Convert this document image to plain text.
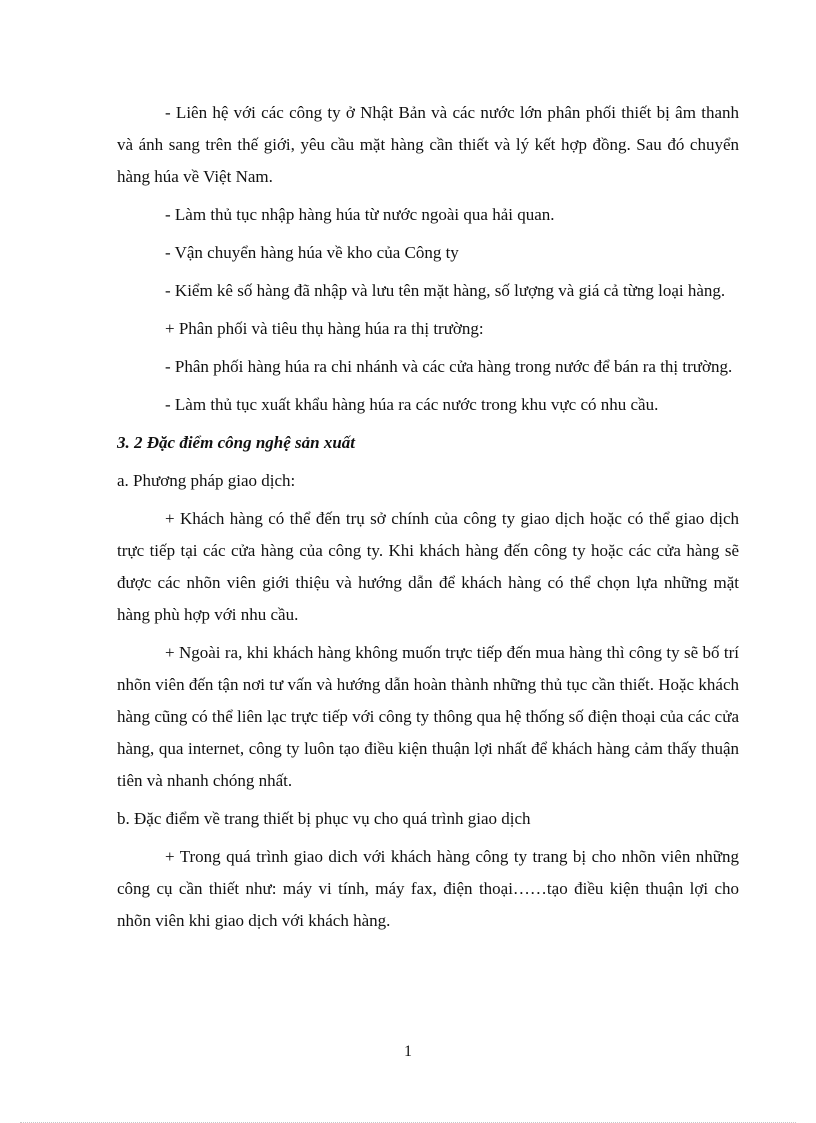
- Liên hệ với các công ty ở Nhật Bản và các nước lớn phân phối thiết bị âm thanh và ánh sang trên thế giới, yêu cầu mặt hàng cần thiết và lý kết hợp đồng. Sau đó chuyển hàng húa về Việt Nam.

- Làm thủ tục nhập hàng húa từ nước ngoài qua hải quan.

- Vận chuyển hàng húa về kho của Công ty

- Kiểm kê số hàng đã nhập và lưu tên mặt hàng, số lượng và giá cả từng loại hàng.

+ Phân phối và tiêu thụ hàng húa ra thị trường:

- Phân phối hàng húa ra chi nhánh và các cửa hàng trong nước để bán ra thị trường.

- Làm thủ tục xuất khẩu hàng húa ra các nước trong khu vực có nhu cầu.

3. 2 Đặc điểm công nghệ sản xuất

a. Phương pháp giao dịch:

+ Khách hàng có thể đến trụ sở chính của công ty giao dịch hoặc có thể giao dịch trực tiếp tại các cửa hàng của công ty. Khi khách hàng đến công ty hoặc các cửa hàng sẽ được các nhõn viên giới thiệu và hướng dẫn để khách hàng có thể chọn lựa những mặt hàng phù hợp với nhu cầu.

+ Ngoài ra, khi khách hàng không muốn trực tiếp đến mua hàng thì công ty sẽ bố trí nhõn viên đến tận nơi tư vấn và hướng dẫn hoàn thành những thủ tục cần thiết. Hoặc khách hàng cũng có thể liên lạc trực tiếp với công ty thông qua hệ thống số điện thoại của các cửa hàng, qua internet, công ty luôn tạo điều kiện thuận lợi nhất để khách hàng cảm thấy thuận tiên và nhanh chóng nhất.

b. Đặc điểm về trang thiết bị phục vụ cho quá trình giao dịch

+ Trong quá trình giao dich với khách hàng công ty trang bị cho nhõn viên những công cụ cần thiết như: máy vi tính, máy fax, điện thoại……tạo điều kiện thuận lợi cho nhõn viên khi giao dịch với khách hàng.

1
